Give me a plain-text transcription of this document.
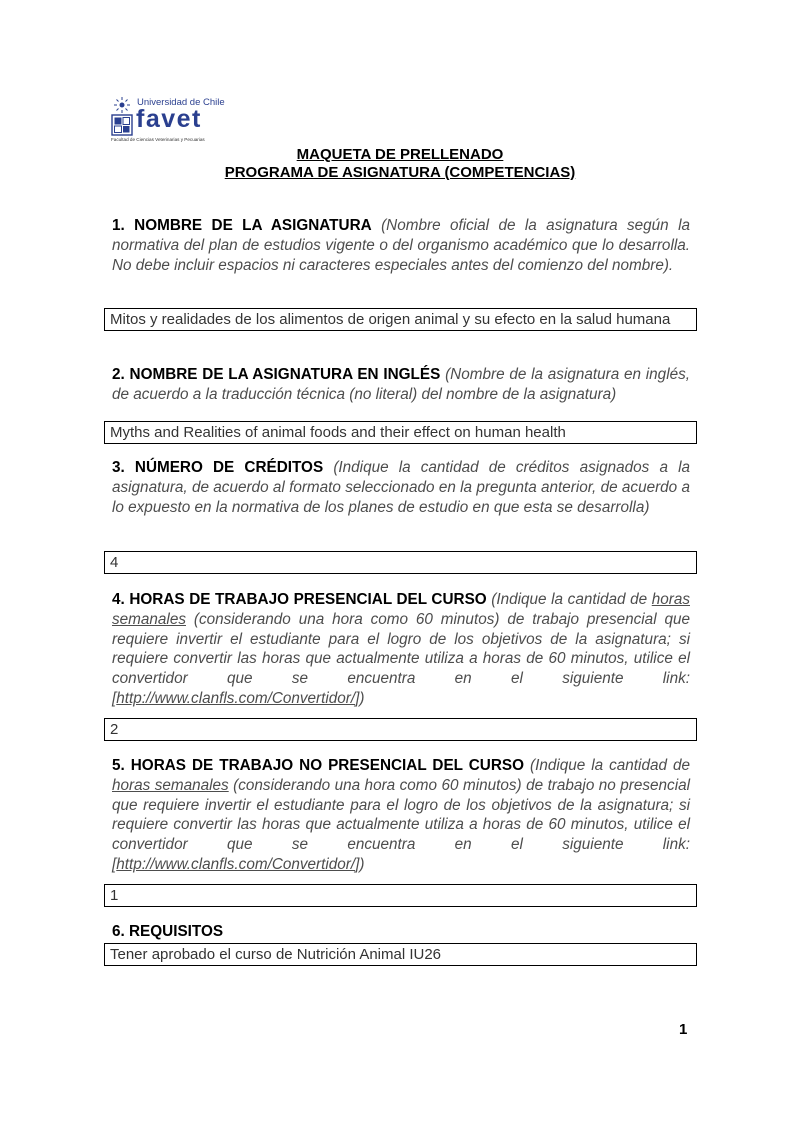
Universidad de Chile
favet
Facultad de Ciencias Veterinarias y Pecuarias
MAQUETA DE PRELLENADO
PROGRAMA DE ASIGNATURA (COMPETENCIAS)
1. NOMBRE DE LA ASIGNATURA (Nombre oficial de la asignatura según la normativa del plan de estudios vigente o del organismo académico que lo desarrolla. No debe incluir espacios ni caracteres especiales antes del comienzo del nombre).
Mitos y realidades de los alimentos de origen animal y su efecto en la salud humana
2. NOMBRE DE LA ASIGNATURA EN INGLÉS (Nombre de la asignatura en inglés, de acuerdo a la traducción técnica (no literal) del nombre de la asignatura)
Myths and Realities of animal foods and their effect on human health
3. NÚMERO DE CRÉDITOS (Indique la cantidad de créditos asignados a la asignatura, de acuerdo al formato seleccionado en la pregunta anterior, de acuerdo a lo expuesto en la normativa de los planes de estudio en que esta se desarrolla)
4
4. HORAS DE TRABAJO PRESENCIAL DEL CURSO (Indique la cantidad de horas semanales (considerando una hora como 60 minutos) de trabajo presencial que requiere invertir el estudiante para el logro de los objetivos de la asignatura; si requiere convertir las horas que actualmente utiliza a horas de 60 minutos, utilice el convertidor que se encuentra en el siguiente link: [http://www.clanfls.com/Convertidor/])
2
5. HORAS DE TRABAJO NO PRESENCIAL DEL CURSO (Indique la cantidad de horas semanales (considerando una hora como 60 minutos) de trabajo no presencial que requiere invertir el estudiante para el logro de los objetivos de la asignatura; si requiere convertir las horas que actualmente utiliza a horas de 60 minutos, utilice el convertidor que se encuentra en el siguiente link: [http://www.clanfls.com/Convertidor/])
1
6. REQUISITOS
Tener aprobado el curso de Nutrición Animal IU26
1
